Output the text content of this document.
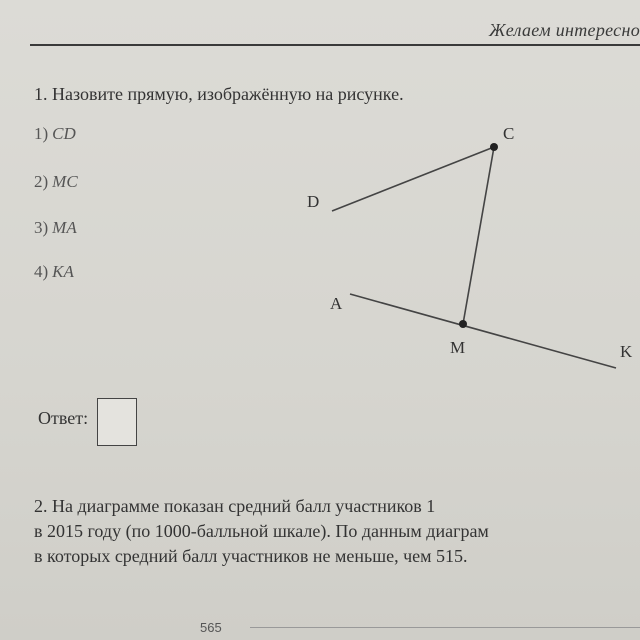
Желаем интересно
1. Назовите прямую, изображённую на рисунке.
1) CD
2) MC
3) MA
4) KA
C
D
A
M	K
Ответ:
2. На диаграмме показан средний балл участников 1
в 2015 году (по 1000-балльной шкале). По данным диаграм
в которых средний балл участников не меньше, чем 515.
565
